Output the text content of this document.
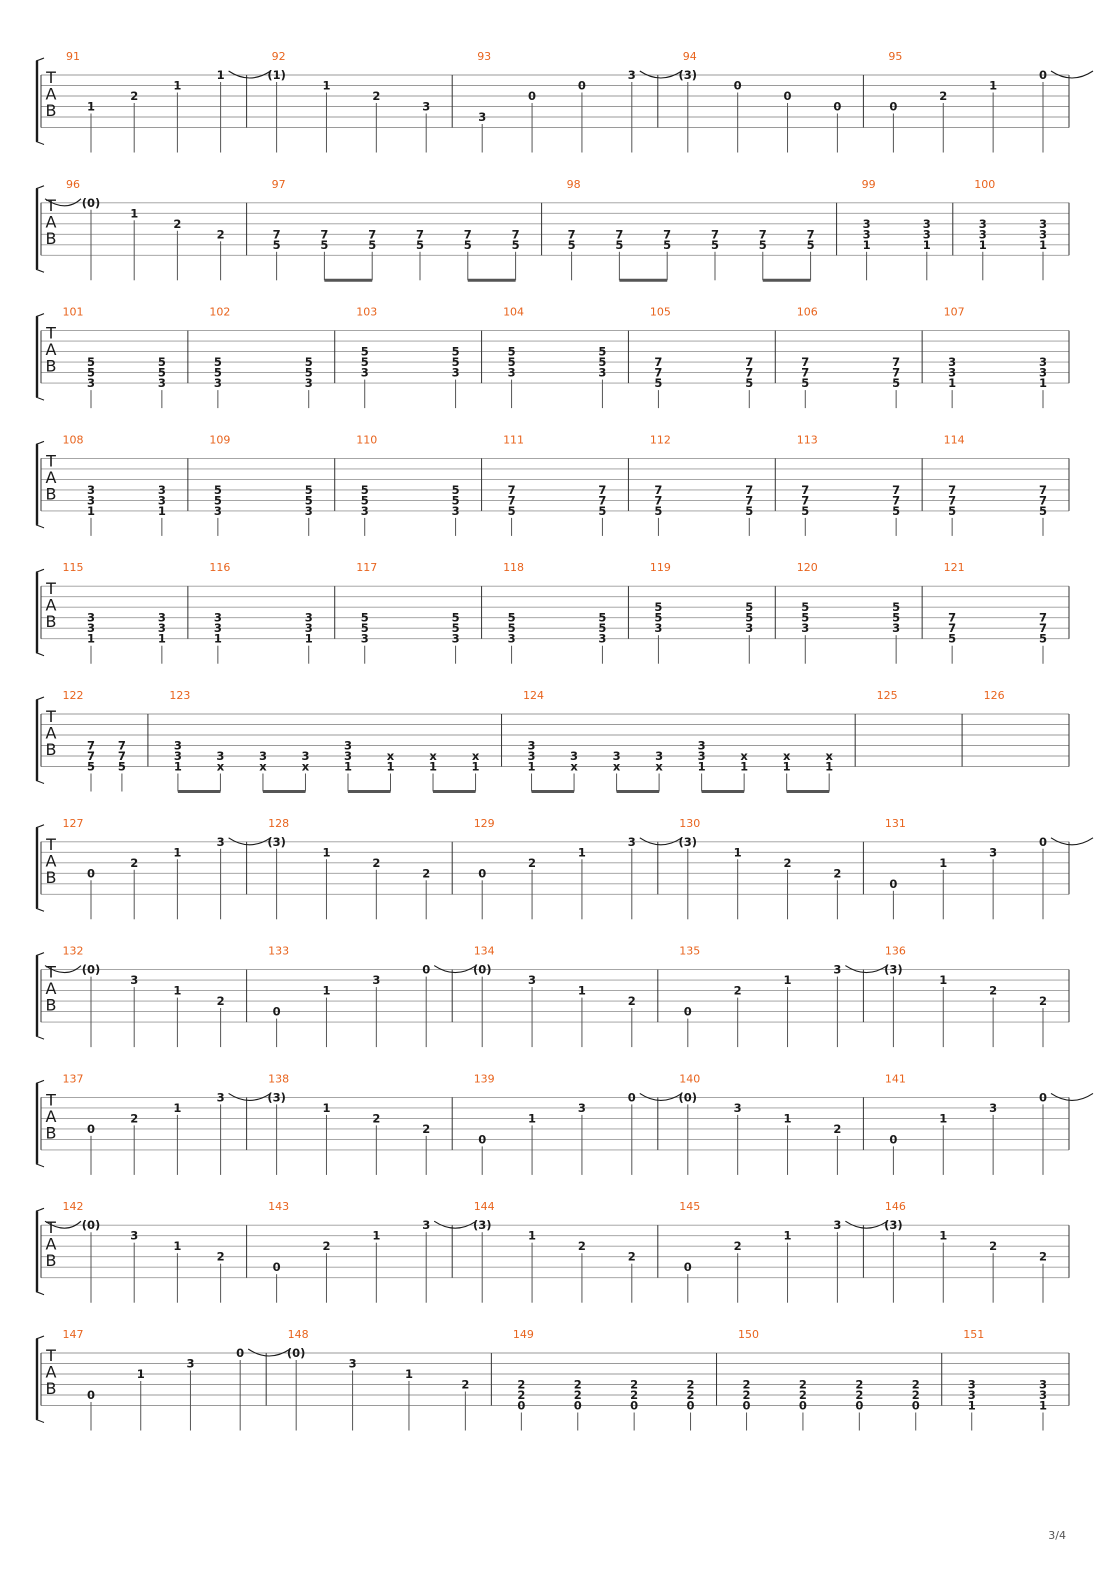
T
A
B
91
1
2
1
1
92
(1)
1
2
3
93
3
0
0
3
94
(3)
0
0
0
95
0
2
1
0
T
A
B
96
(0)
1
2
2
97
7
5
7
5
7
5
7
5
7
5
7
5
98
7
5
7
5
7
5
7
5
7
5
7
5
99
3
3
1
3
3
1
100
3
3
1
3
3
1
T
A
B
101
5
5
3
5
5
3
102
5
5
3
5
5
3
103
5
5
3
5
5
3
104
5
5
3
5
5
3
105
7
7
5
7
7
5
106
7
7
5
7
7
5
107
3
3
1
3
3
1
T
A
B
108
3
3
1
3
3
1
109
5
5
3
5
5
3
110
5
5
3
5
5
3
111
7
7
5
7
7
5
112
7
7
5
7
7
5
113
7
7
5
7
7
5
114
7
7
5
7
7
5
T
A
B
115
3
3
1
3
3
1
116
3
3
1
3
3
1
117
5
5
3
5
5
3
118
5
5
3
5
5
3
119
5
5
3
5
5
3
120
5
5
3
5
5
3
121
7
7
5
7
7
5
T
A
B
122
7
7
5
7
7
5
123
3
3
1
3
x
3
x
3
x
3
3
1
x
1
x
1
x
1
124
3
3
1
3
x
3
x
3
x
3
3
1
x
1
x
1
x
1
125	126
T
A
B
127
0
2
1
3
128
(3)
1
2
2
129
0
2
1
3
130
(3)
1
2
2
131
0
1
3
0
T
A
B
132
(0)
3
1
2
133
0
1
3
0
134
(0)
3
1
2
135
0
2
1
3
136
(3)
1
2
2
T
A
B
137
0
2
1
3
138
(3)
1
2
2
139
0
1
3
0
140
(0)
3
1
2
141
0
1
3
0
T
A
B
142
(0)
3
1
2
143
0
2
1
3
144
(3)
1
2
2
145
0
2
1
3
146
(3)
1
2
2
T
A
B
147
0
1
3
0
148
(0)
3
1
2
149
2
2
0
2
2
0
2
2
0
2
2
0
150
2
2
0
2
2
0
2
2
0
2
2
0
151
3
3
1
3
3
1
3/4
